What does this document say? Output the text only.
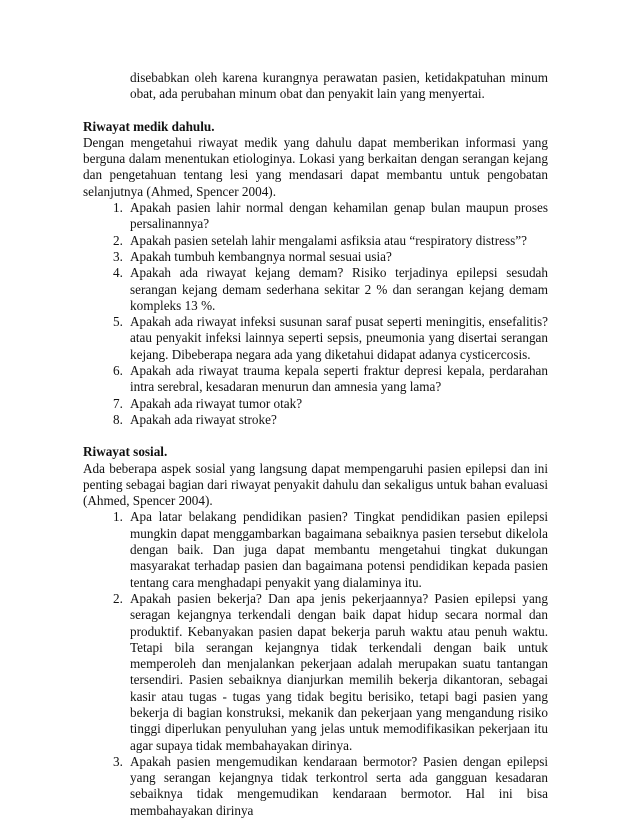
disebabkan oleh karena kurangnya perawatan pasien, ketidakpatuhan minum obat, ada perubahan minum obat dan penyakit lain yang menyertai.

Riwayat medik dahulu.

Dengan mengetahui riwayat medik yang dahulu dapat memberikan informasi yang berguna dalam menentukan etiologinya. Lokasi yang berkaitan dengan serangan kejang dan pengetahuan tentang lesi yang mendasari dapat membantu untuk pengobatan selanjutnya (Ahmed, Spencer 2004).

1. Apakah pasien lahir normal dengan kehamilan genap bulan maupun proses persalinannya?
2. Apakah pasien setelah lahir mengalami asfiksia atau “respiratory distress”?
3. Apakah tumbuh kembangnya normal sesuai usia?
4. Apakah ada riwayat kejang demam? Risiko terjadinya epilepsi sesudah serangan kejang demam sederhana sekitar 2 % dan serangan kejang demam kompleks 13 %.
5. Apakah ada riwayat infeksi susunan saraf pusat seperti meningitis, ensefalitis? atau penyakit infeksi lainnya seperti sepsis, pneumonia yang disertai serangan kejang. Dibeberapa negara ada yang diketahui didapat adanya cysticercosis.
6. Apakah ada riwayat trauma kepala seperti fraktur depresi kepala, perdarahan intra serebral, kesadaran menurun dan amnesia yang lama?
7. Apakah ada riwayat tumor otak?
8. Apakah ada riwayat stroke?
Riwayat sosial.

Ada beberapa aspek sosial yang langsung dapat mempengaruhi pasien epilepsi dan ini penting sebagai bagian dari riwayat penyakit dahulu dan sekaligus untuk bahan evaluasi (Ahmed, Spencer 2004).

1. Apa latar belakang pendidikan pasien? Tingkat pendidikan pasien epilepsi mungkin dapat menggambarkan bagaimana sebaiknya pasien tersebut dikelola dengan baik. Dan juga dapat membantu mengetahui tingkat dukungan masyarakat terhadap pasien dan bagaimana potensi pendidikan kepada pasien tentang cara menghadapi penyakit yang dialaminya itu.
2. Apakah pasien bekerja? Dan apa jenis pekerjaannya? Pasien epilepsi yang seragan kejangnya terkendali dengan baik dapat hidup secara normal dan produktif. Kebanyakan pasien dapat bekerja paruh waktu atau penuh waktu. Tetapi bila serangan kejangnya tidak terkendali dengan baik untuk memperoleh dan menjalankan pekerjaan adalah merupakan suatu tantangan tersendiri. Pasien sebaiknya dianjurkan memilih bekerja dikantoran, sebagai kasir atau tugas - tugas yang tidak begitu berisiko, tetapi bagi pasien yang bekerja di bagian konstruksi, mekanik dan pekerjaan yang mengandung risiko tinggi diperlukan penyuluhan yang jelas untuk memodifikasikan pekerjaan itu agar supaya tidak membahayakan dirinya.
3. Apakah pasien mengemudikan kendaraan bermotor? Pasien dengan epilepsi yang serangan kejangnya tidak terkontrol serta ada gangguan kesadaran sebaiknya tidak mengemudikan kendaraan bermotor. Hal ini bisa membahayakan dirinya
